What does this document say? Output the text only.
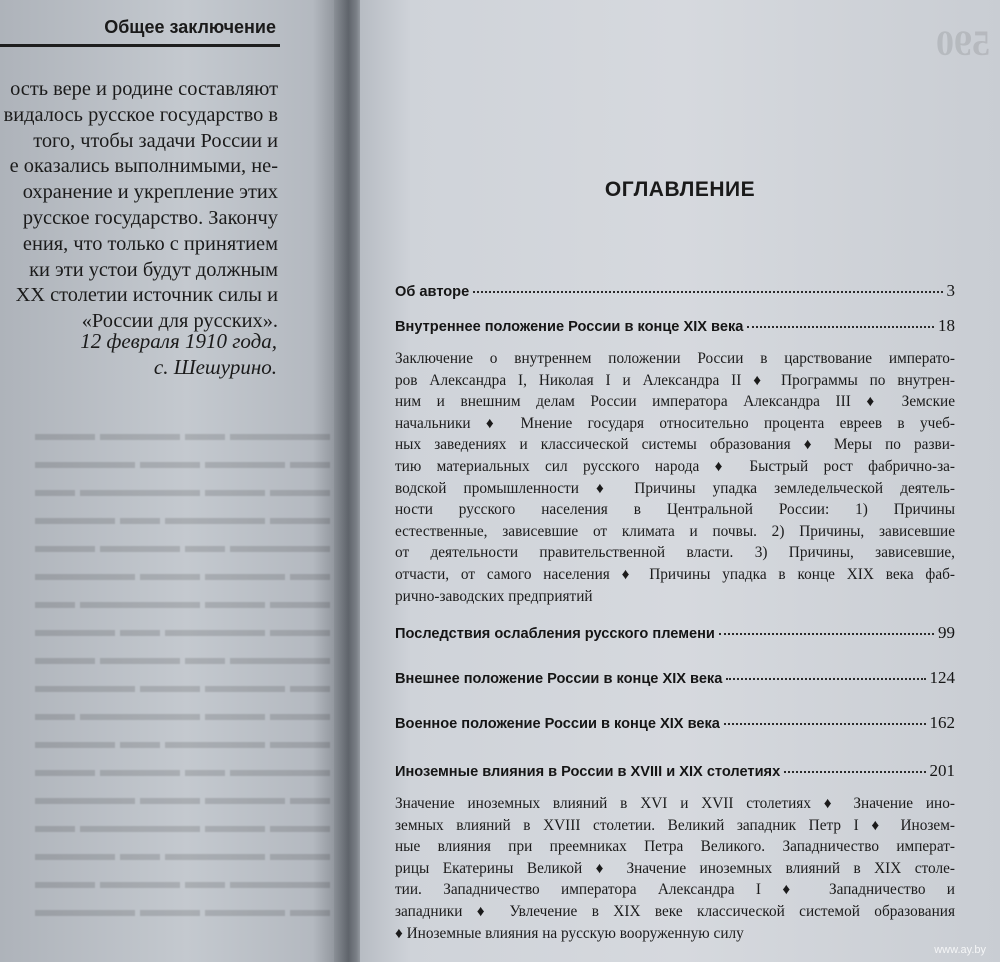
Общее заключение
ость вере и родине составляют
видалось русское государство в
того, чтобы задачи России и
е оказались выполнимыми, не-
охранение и укрепление этих
русское государство. Закончу
ения, что только с принятием
ки эти устои будут должным
XX столетии источник силы и
«России для русских».
12 февраля 1910 года,
с. Шешурино.
▬▬▬ ▬▬▬▬ ▬▬ ▬▬▬▬▬
▬▬▬▬▬ ▬▬▬ ▬▬▬▬ ▬▬
▬▬ ▬▬▬▬▬▬ ▬▬▬ ▬▬▬
▬▬▬▬ ▬▬ ▬▬▬▬▬ ▬▬▬
▬▬▬ ▬▬▬▬ ▬▬ ▬▬▬▬▬
▬▬▬▬▬ ▬▬▬ ▬▬▬▬ ▬▬
▬▬ ▬▬▬▬▬▬ ▬▬▬ ▬▬▬
▬▬▬▬ ▬▬ ▬▬▬▬▬ ▬▬▬
▬▬▬ ▬▬▬▬ ▬▬ ▬▬▬▬▬
▬▬▬▬▬ ▬▬▬ ▬▬▬▬ ▬▬
▬▬ ▬▬▬▬▬▬ ▬▬▬ ▬▬▬
▬▬▬▬ ▬▬ ▬▬▬▬▬ ▬▬▬
▬▬▬ ▬▬▬▬ ▬▬ ▬▬▬▬▬
▬▬▬▬▬ ▬▬▬ ▬▬▬▬ ▬▬
▬▬ ▬▬▬▬▬▬ ▬▬▬ ▬▬▬
▬▬▬▬ ▬▬ ▬▬▬▬▬ ▬▬▬
▬▬▬ ▬▬▬▬ ▬▬ ▬▬▬▬▬
▬▬▬▬▬ ▬▬▬ ▬▬▬▬ ▬▬
590
ОГЛАВЛЕНИЕ
Об авторе	3
Внутреннее положение России в конце XIX века	18
Заключение о внутреннем положении России в царствование императо-
ров Александра I, Николая I и Александра II ♦ Программы по внутрен-
ним и внешним делам России императора Александра III ♦ Земские
начальники ♦ Мнение государя относительно процента евреев в учеб-
ных заведениях и классической системы образования ♦ Меры по разви-
тию материальных сил русского народа ♦ Быстрый рост фабрично-за-
водской промышленности ♦ Причины упадка земледельческой деятель-
ности русского населения в Центральной России: 1) Причины
естественные, зависевшие от климата и почвы. 2) Причины, зависевшие
от деятельности правительственной власти. 3) Причины, зависевшие,
отчасти, от самого населения ♦ Причины упадка в конце XIX века фаб-
рично-заводских предприятий
Последствия ослабления русского племени	99
Внешнее положение России в конце XIX века	124
Военное положение России в конце XIX века	162
Иноземные влияния в России в XVIII и XIX столетиях	201
Значение иноземных влияний в XVI и XVII столетиях ♦ Значение ино-
земных влияний в XVIII столетии. Великий западник Петр I ♦ Инозем-
ные влияния при преемниках Петра Великого. Западничество императ-
рицы Екатерины Великой ♦ Значение иноземных влияний в XIX столе-
тии. Западничество императора Александра I ♦ Западничество и
западники ♦ Увлечение в XIX веке классической системой образования
♦ Иноземные влияния на русскую вооруженную силу
www.ay.by
